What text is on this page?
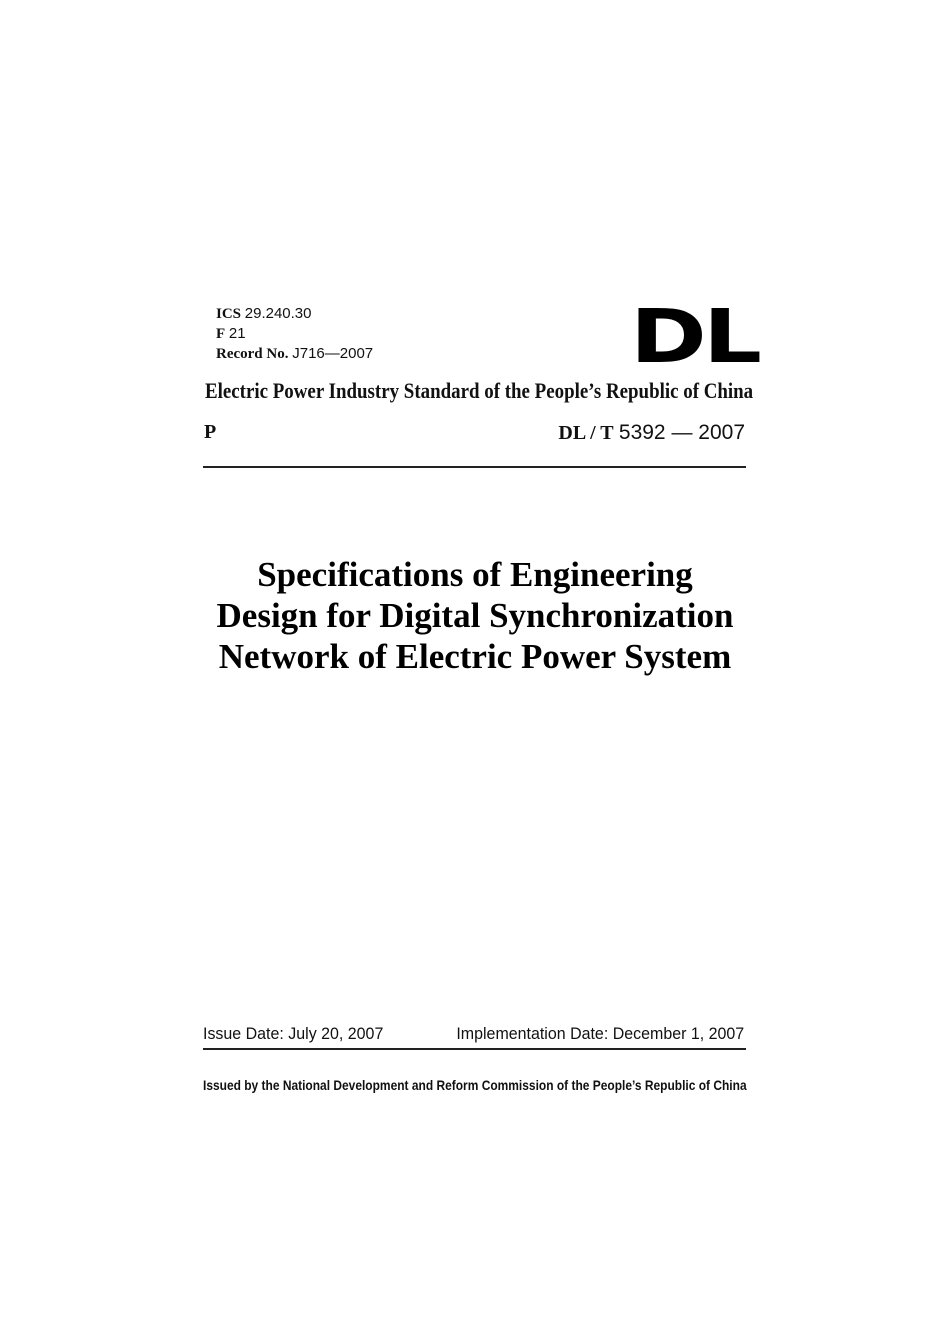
ICS 29.240.30
F 21
Record No. J716—2007	DL
Electric Power Industry Standard of the People’s Republic of China
P	DL / T 5392 — 2007
Specifications of Engineering
Design for Digital Synchronization
Network of Electric Power System
Issue Date: July 20, 2007	Implementation Date: December 1, 2007
Issued by the National Development and Reform Commission of the People’s Republic of China
